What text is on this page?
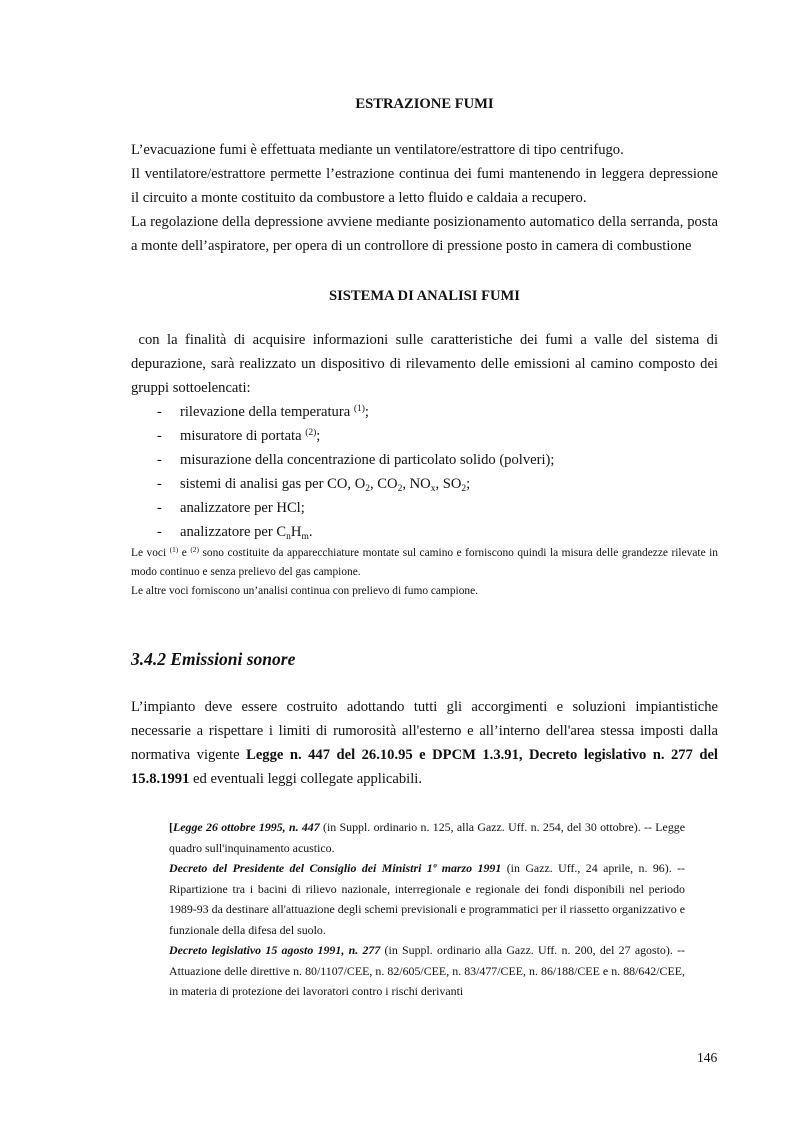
ESTRAZIONE FUMI

L’evacuazione fumi è effettuata mediante un ventilatore/estrattore di tipo centrifugo.

Il ventilatore/estrattore permette l’estrazione continua dei fumi mantenendo in leggera depressione il circuito a monte costituito da combustore a letto fluido e caldaia a recupero.

La regolazione della depressione avviene mediante posizionamento automatico della serranda, posta a monte dell’aspiratore, per opera di un controllore di pressione posto in camera di combustione

SISTEMA DI ANALISI FUMI

con la finalità di acquisire informazioni sulle caratteristiche dei fumi a valle del sistema di depurazione, sarà realizzato un dispositivo di rilevamento delle emissioni al camino composto dei gruppi sottoelencati:

- rilevazione della temperatura $^{(1)}$;
- misuratore di portata $^{(2)}$;
- misurazione della concentrazione di particolato solido (polveri);
- sistemi di analisi gas per CO, $O_2$, $CO_2$, $NO_x$, $SO_2$;
- analizzatore per HCl;
- analizzatore per $C_nH_m$.

Le voci $^{(1)}$ e $^{(2)}$ sono costituite da apparecchiature montate sul camino e forniscono quindi la misura delle grandezze rilevate in modo continuo e senza prelievo del gas campione.

Le altre voci forniscono un’analisi continua con prelievo di fumo campione.

3.4.2 Emissioni sonore

L’impianto deve essere costruito adottando tutti gli accorgimenti e soluzioni impiantistiche necessarie a rispettare i limiti di rumorosità all'esterno e all’interno dell'area stessa imposti dalla normativa vigente Legge n. 447 del 26.10.95 e DPCM 1.3.91, Decreto legislativo n. 277 del 15.8.1991 ed eventuali leggi collegate applicabili.

[Legge 26 ottobre 1995, n. 447 (in Suppl. ordinario n. 125, alla Gazz. Uff. n. 254, del 30 ottobre). -- Legge quadro sull'inquinamento acustico.

Decreto del Presidente del Consiglio dei Ministri 1º marzo 1991 (in Gazz. Uff., 24 aprile, n. 96). -- Ripartizione tra i bacini di rilievo nazionale, interregionale e regionale dei fondi disponibili nel periodo 1989-93 da destinare all'attuazione degli schemi previsionali e programmatici per il riassetto organizzativo e funzionale della difesa del suolo.

Decreto legislativo 15 agosto 1991, n. 277 (in Suppl. ordinario alla Gazz. Uff. n. 200, del 27 agosto). -- Attuazione delle direttive n. 80/1107/CEE, n. 82/605/CEE, n. 83/477/CEE, n. 86/188/CEE e n. 88/642/CEE, in materia di protezione dei lavoratori contro i rischi derivanti

146
